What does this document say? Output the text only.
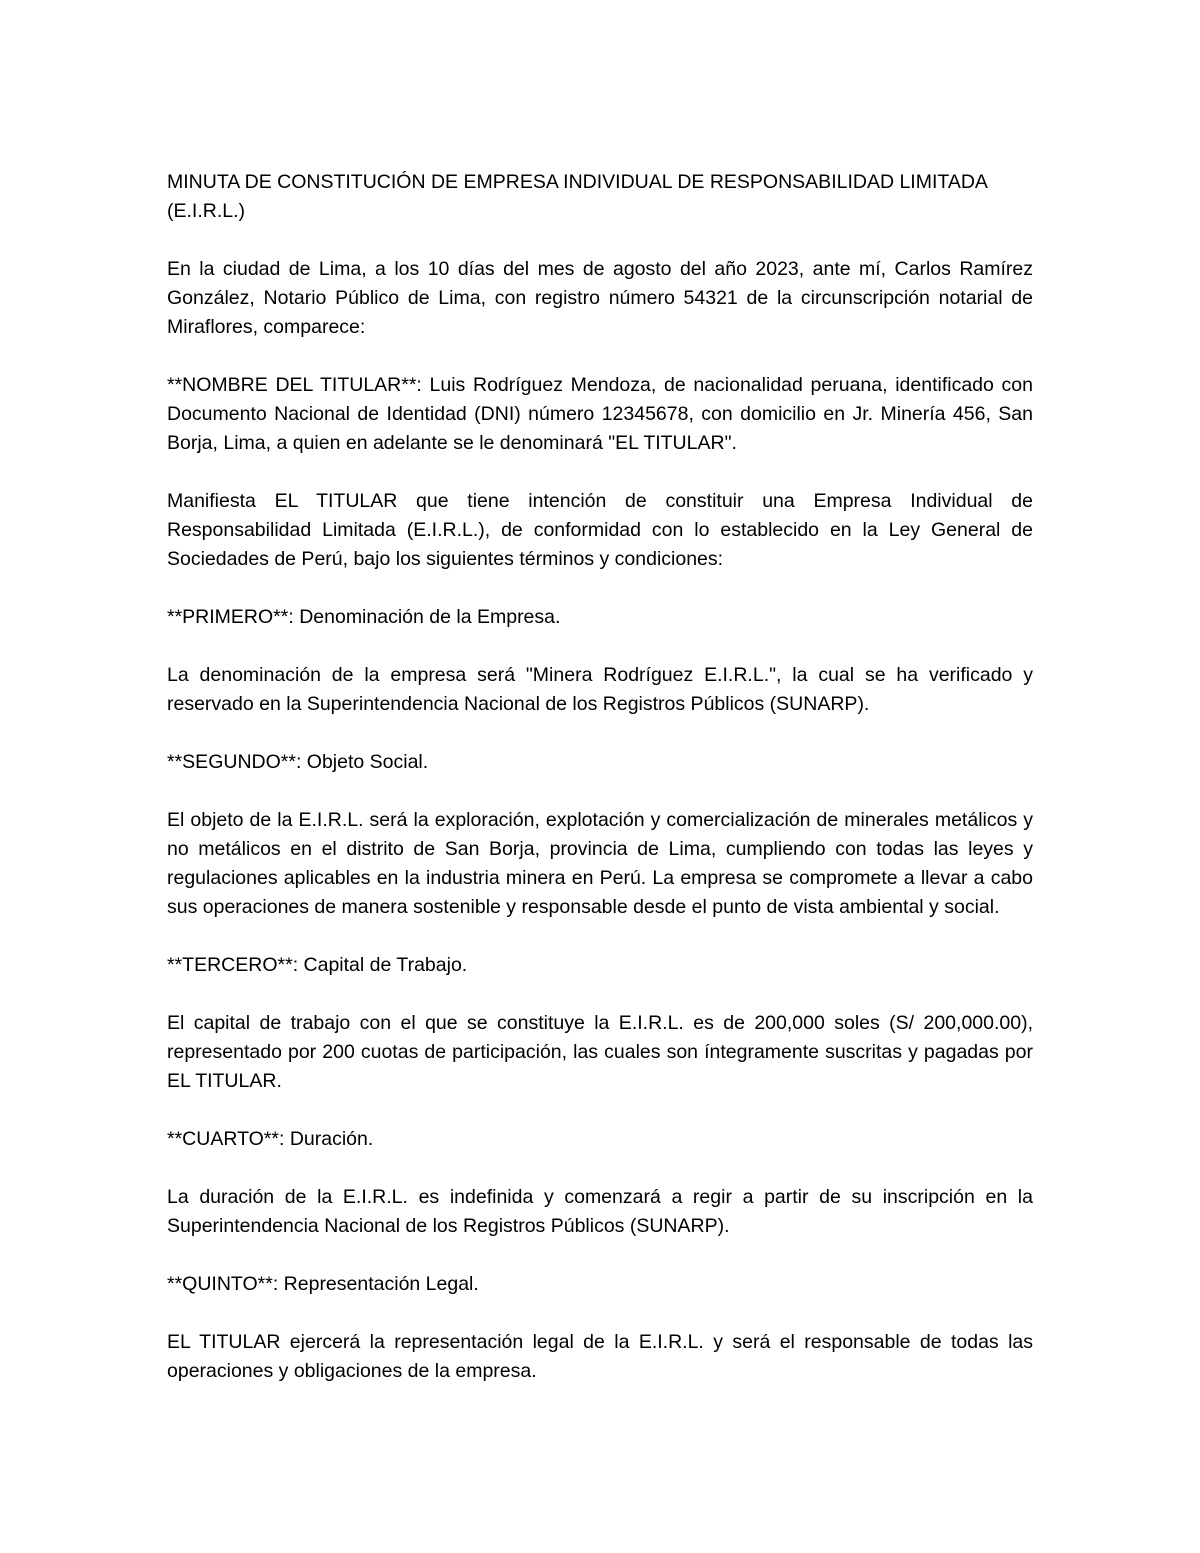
MINUTA DE CONSTITUCIÓN DE EMPRESA INDIVIDUAL DE RESPONSABILIDAD LIMITADA (E.I.R.L.)

En la ciudad de Lima, a los 10 días del mes de agosto del año 2023, ante mí, Carlos Ramírez González, Notario Público de Lima, con registro número 54321 de la circunscripción notarial de Miraflores, comparece:

**NOMBRE DEL TITULAR**: Luis Rodríguez Mendoza, de nacionalidad peruana, identificado con Documento Nacional de Identidad (DNI) número 12345678, con domicilio en Jr. Minería 456, San Borja, Lima, a quien en adelante se le denominará "EL TITULAR".

Manifiesta EL TITULAR que tiene intención de constituir una Empresa Individual de Responsabilidad Limitada (E.I.R.L.), de conformidad con lo establecido en la Ley General de Sociedades de Perú, bajo los siguientes términos y condiciones:

**PRIMERO**: Denominación de la Empresa.

La denominación de la empresa será "Minera Rodríguez E.I.R.L.", la cual se ha verificado y reservado en la Superintendencia Nacional de los Registros Públicos (SUNARP).

**SEGUNDO**: Objeto Social.

El objeto de la E.I.R.L. será la exploración, explotación y comercialización de minerales metálicos y no metálicos en el distrito de San Borja, provincia de Lima, cumpliendo con todas las leyes y regulaciones aplicables en la industria minera en Perú. La empresa se compromete a llevar a cabo sus operaciones de manera sostenible y responsable desde el punto de vista ambiental y social.

**TERCERO**: Capital de Trabajo.

El capital de trabajo con el que se constituye la E.I.R.L. es de 200,000 soles (S/ 200,000.00), representado por 200 cuotas de participación, las cuales son íntegramente suscritas y pagadas por EL TITULAR.

**CUARTO**: Duración.

La duración de la E.I.R.L. es indefinida y comenzará a regir a partir de su inscripción en la Superintendencia Nacional de los Registros Públicos (SUNARP).

**QUINTO**: Representación Legal.

EL TITULAR ejercerá la representación legal de la E.I.R.L. y será el responsable de todas las operaciones y obligaciones de la empresa.
